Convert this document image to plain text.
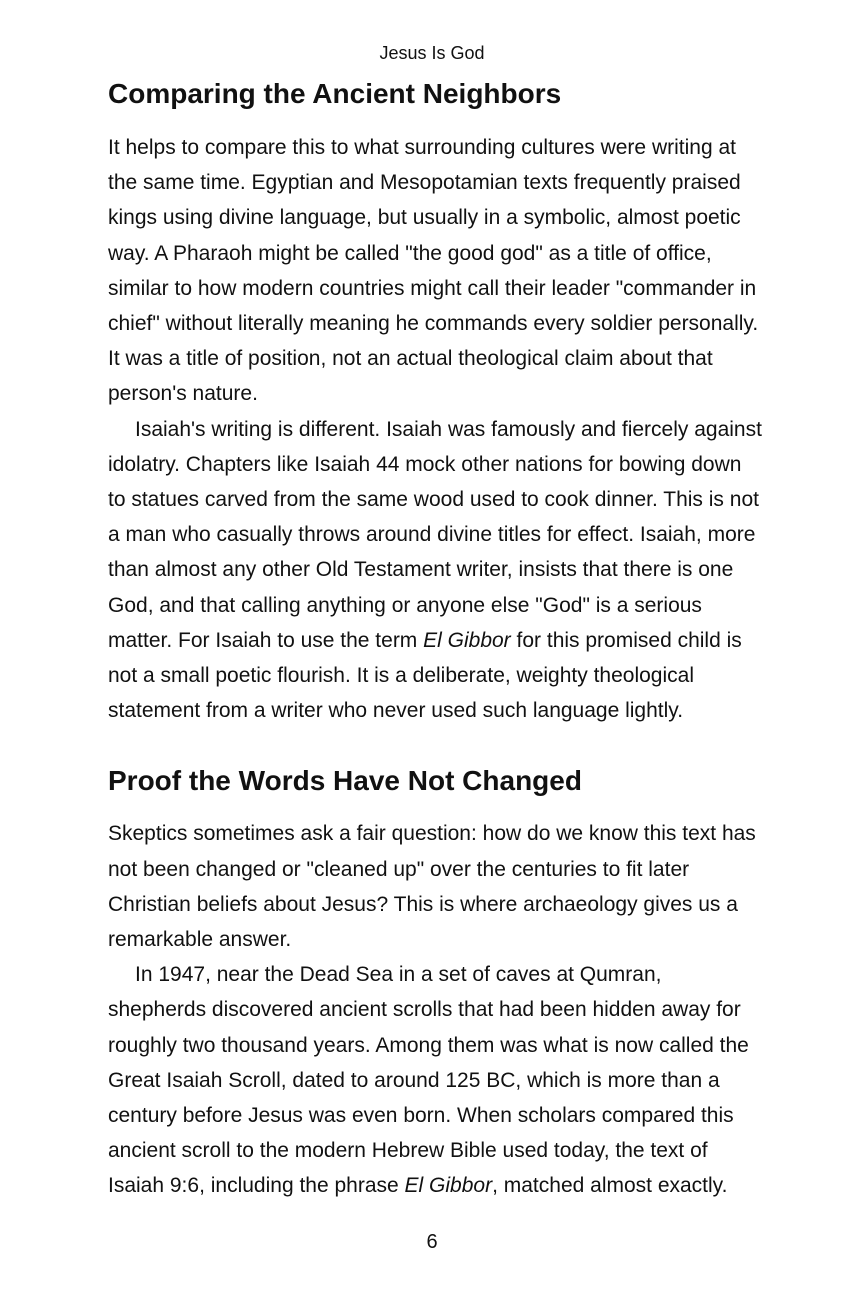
Jesus Is God
Comparing the Ancient Neighbors

It helps to compare this to what surrounding cultures were writing at
the same time. Egyptian and Mesopotamian texts frequently praised
kings using divine language, but usually in a symbolic, almost poetic
way. A Pharaoh might be called "the good god" as a title of office,
similar to how modern countries might call their leader "commander in
chief" without literally meaning he commands every soldier personally.
It was a title of position, not an actual theological claim about that
person's nature.

Isaiah's writing is different. Isaiah was famously and fiercely against
idolatry. Chapters like Isaiah 44 mock other nations for bowing down
to statues carved from the same wood used to cook dinner. This is not
a man who casually throws around divine titles for effect. Isaiah, more
than almost any other Old Testament writer, insists that there is one
God, and that calling anything or anyone else "God" is a serious
matter. For Isaiah to use the term El Gibbor for this promised child is
not a small poetic flourish. It is a deliberate, weighty theological
statement from a writer who never used such language lightly.

Proof the Words Have Not Changed

Skeptics sometimes ask a fair question: how do we know this text has
not been changed or "cleaned up" over the centuries to fit later
Christian beliefs about Jesus? This is where archaeology gives us a
remarkable answer.

In 1947, near the Dead Sea in a set of caves at Qumran,
shepherds discovered ancient scrolls that had been hidden away for
roughly two thousand years. Among them was what is now called the
Great Isaiah Scroll, dated to around 125 BC, which is more than a
century before Jesus was even born. When scholars compared this
ancient scroll to the modern Hebrew Bible used today, the text of
Isaiah 9:6, including the phrase El Gibbor, matched almost exactly.

6
